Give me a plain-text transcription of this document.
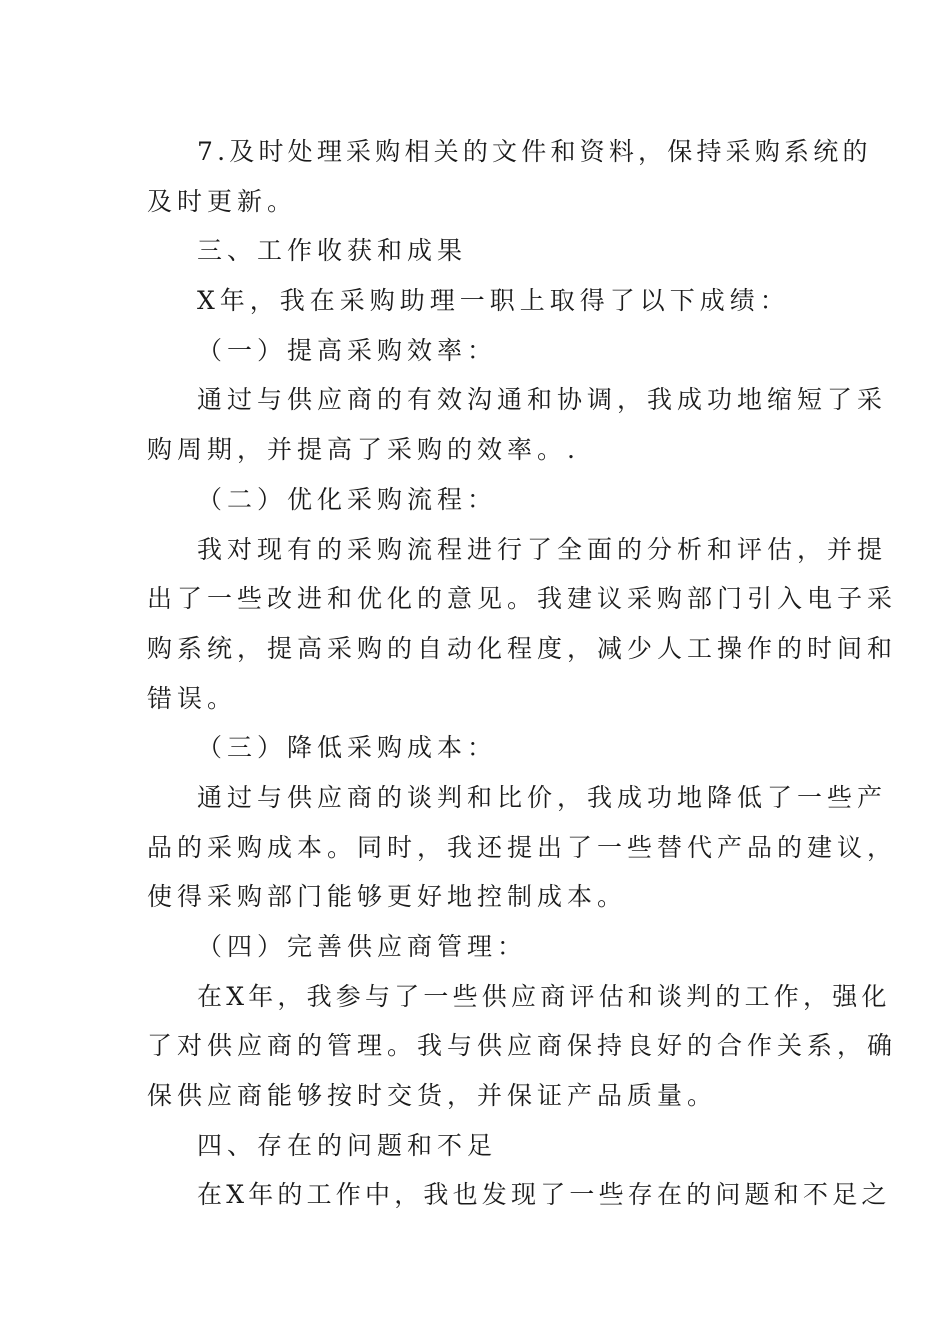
7.及时处理采购相关的文件和资料，保持采购系统的
及时更新。
三、工作收获和成果
X年，我在采购助理一职上取得了以下成绩：
（一）提高采购效率：
通过与供应商的有效沟通和协调，我成功地缩短了采
购周期，并提高了采购的效率。.
（二）优化采购流程：
我对现有的采购流程进行了全面的分析和评估，并提
出了一些改进和优化的意见。我建议采购部门引入电子采
购系统，提高采购的自动化程度，减少人工操作的时间和
错误。
（三）降低采购成本：
通过与供应商的谈判和比价，我成功地降低了一些产
品的采购成本。同时，我还提出了一些替代产品的建议，
使得采购部门能够更好地控制成本。
（四）完善供应商管理：
在X年，我参与了一些供应商评估和谈判的工作，强化
了对供应商的管理。我与供应商保持良好的合作关系，确
保供应商能够按时交货，并保证产品质量。
四、存在的问题和不足
在X年的工作中，我也发现了一些存在的问题和不足之
